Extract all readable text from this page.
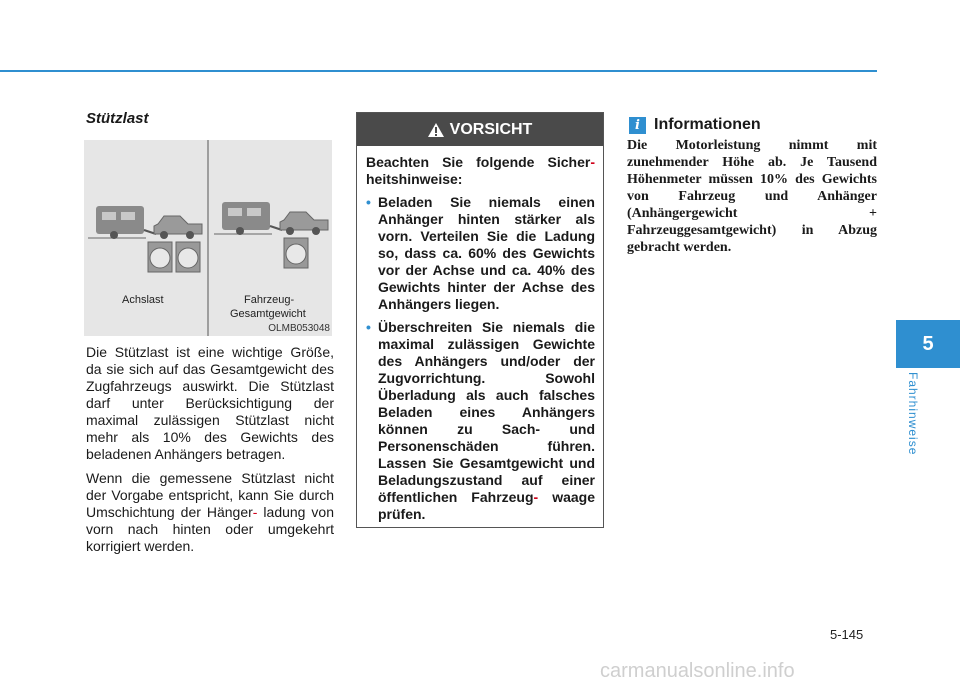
Stützlast
Achslast	Fahrzeug-
Gesamtgewicht
OLMB053048

Die Stützlast ist eine wichtige Größe, da sie sich auf das Gesamtgewicht des Zugfahrzeugs auswirkt. Die Stützlast darf unter Berücksichtigung der maximal zulässigen Stützlast nicht mehr als 10% des Gewichts des beladenen Anhängers betragen.

Wenn die gemessene Stützlast nicht der Vorgabe entspricht, kann Sie durch Umschichtung der Hänger- ladung von vorn nach hinten oder umgekehrt korrigiert werden.

VORSICHT

Beachten Sie folgende Sicher- heitshinweise:

• Beladen Sie niemals einen Anhänger hinten stärker als vorn. Verteilen Sie die Ladung so, dass ca. 60% des Gewichts vor der Achse und ca. 40% des Gewichts hinter der Achse des Anhängers liegen.
• Überschreiten Sie niemals die maximal zulässigen Gewichte des Anhängers und/oder der Zugvorrichtung. Sowohl Überladung als auch falsches Beladen eines Anhängers können zu Sach- und Personenschäden führen. Lassen Sie Gesamtgewicht und Beladungszustand auf einer öffentlichen Fahrzeug- waage prüfen.
i Informationen
Die Motorleistung nimmt mit zunehmender Höhe ab. Je Tausend Höhenmeter müssen 10% des Gewichts von Fahrzeug und Anhänger (Anhängergewicht + Fahrzeuggesamtgewicht) in Abzug gebracht werden.
5
Fahrhinweise
5-145
carmanualsonline.info
